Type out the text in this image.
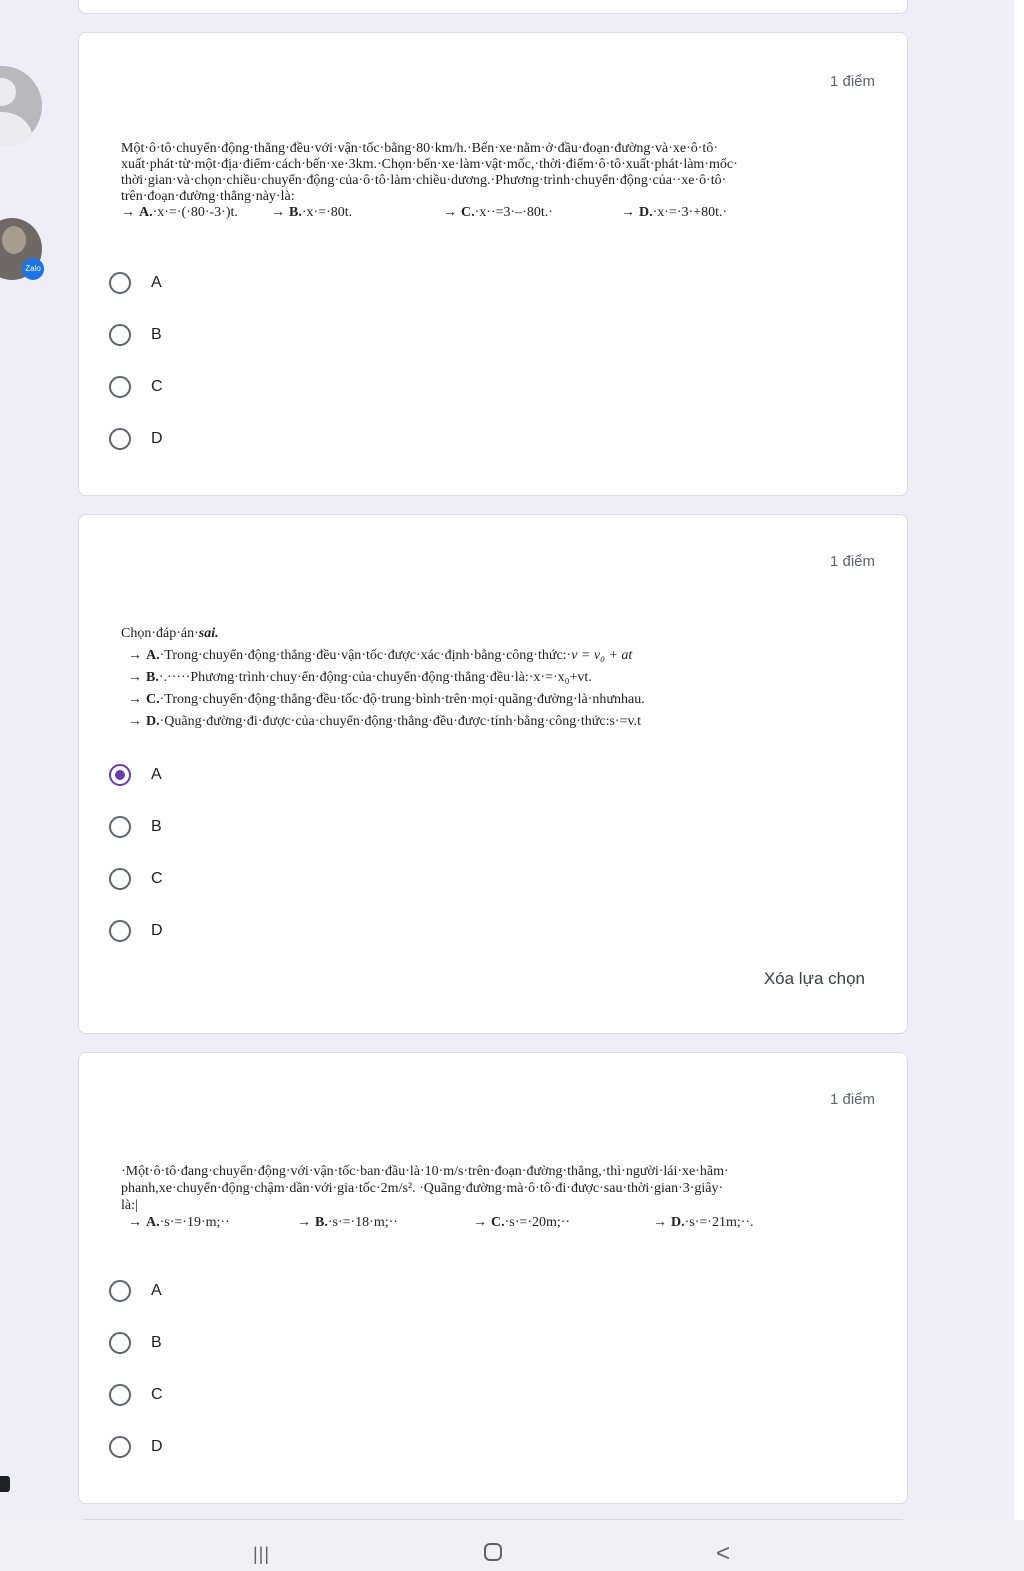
1 điểm

Một·ô·tô·chuyển·động·thẳng·đều·với·vận·tốc·bằng·80·km/h.·Bến·xe·nằm·ở·đầu·đoạn·đường·và·xe·ô·tô·

xuất·phát·từ·một·địa·điểm·cách·bến·xe·3km.·Chọn·bến·xe·làm·vật·mốc,·thời·điểm·ô·tô·xuất·phát·làm·mốc·

thời·gian·và·chọn·chiều·chuyển·động·của·ô·tô·làm·chiều·dương.·Phương·trình·chuyển·động·của··xe·ô·tô·

trên·đoạn·đường·thẳng·này·là:

→ A.·x·=·(·80·-3·)t.	→ B.·x·=·80t.	→ C.·x··=3·–·80t.·	→ D.·x·=·3·+80t.·
A
B
C
D
1 điểm

Chọn·đáp·án·sai.

→ A.·Trong·chuyển·động·thẳng·đều·vận·tốc·được·xác·định·bằng·công·thức:·v = v₀ + at

→ B.·.·····Phương·trình·chuy·ển·động·của·chuyển·động·thẳng·đều·là:·x·=·x₀+vt.

→ C.·Trong·chuyển·động·thẳng·đều·tốc·độ·trung·bình·trên·mọi·quãng·đường·là·nhưnhau.

→ D.·Quãng·đường·đi·được·của·chuyển·động·thẳng·đều·được·tính·bằng·công·thức:s·=v.t

A
B
C
D
Xóa lựa chọn
1 điểm

·Một·ô·tô·đang·chuyển·động·với·vận·tốc·ban·đầu·là·10·m/s·trên·đoạn·đường·thẳng,·thì·người·lái·xe·hãm·

phanh,xe·chuyển·động·chậm·dần·với·gia·tốc·2m/s². ·Quãng·đường·mà·ô·tô·đi·được·sau·thời·gian·3·giây·

là:|

→ A.·s·=·19·m;··	→ B.·s·=·18·m;··	→ C.·s·=·20m;··	→ D.·s·=·21m;··.
A
B
C
D
Zalo
|||	<
